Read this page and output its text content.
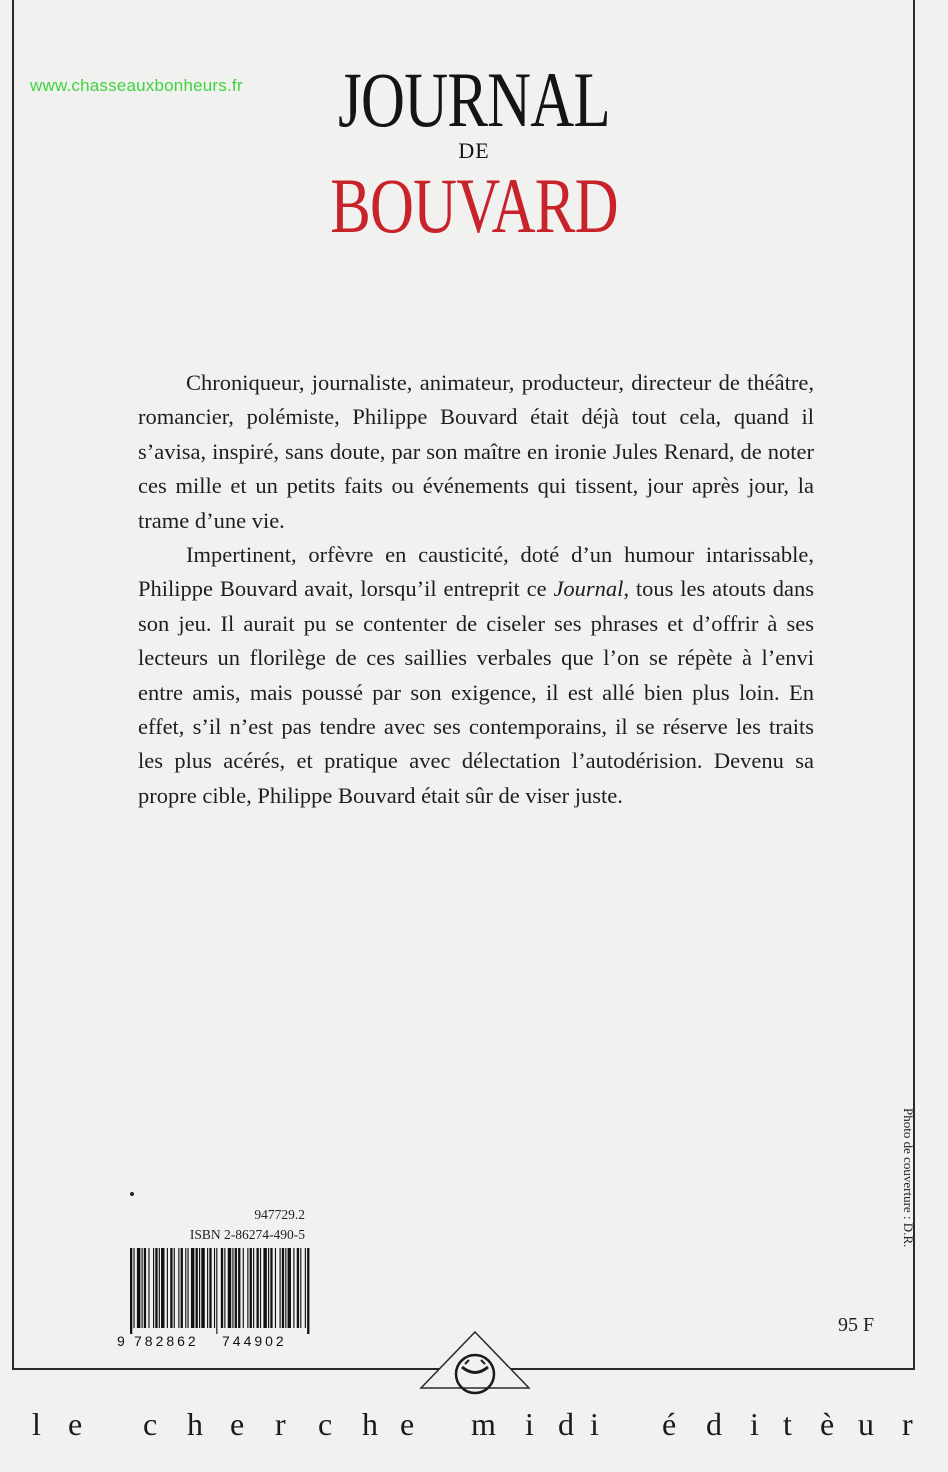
www.chasseauxbonheurs.fr	JOURNAL
DE
BOUVARD

Chroniqueur, journaliste, animateur, producteur, directeur de théâtre, romancier, polémiste, Philippe Bouvard était déjà tout cela, quand il s’avisa, inspiré, sans doute, par son maître en ironie Jules Renard, de noter ces mille et un petits faits ou événements qui tissent, jour après jour, la trame d’une vie.

Impertinent, orfèvre en causticité, doté d’un humour intarissable, Philippe Bouvard avait, lorsqu’il entreprit ce Journal, tous les atouts dans son jeu. Il aurait pu se contenter de ciseler ses phrases et d’offrir à ses lecteurs un florilège de ces saillies verbales que l’on se répète à l’envi entre amis, mais poussé par son exigence, il est allé bien plus loin. En effet, s’il n’est pas tendre avec ses contemporains, il se réserve les traits les plus acérés, et pratique avec délectation l’autodérision. Devenu sa propre cible, Philippe Bouvard était sûr de viser juste.

Photo de couverture : D.R.
947729.2
ISBN 2-86274-490-5
9 782862 744902
95 F
l e c h e r c h e m i d i é d i t è u r
